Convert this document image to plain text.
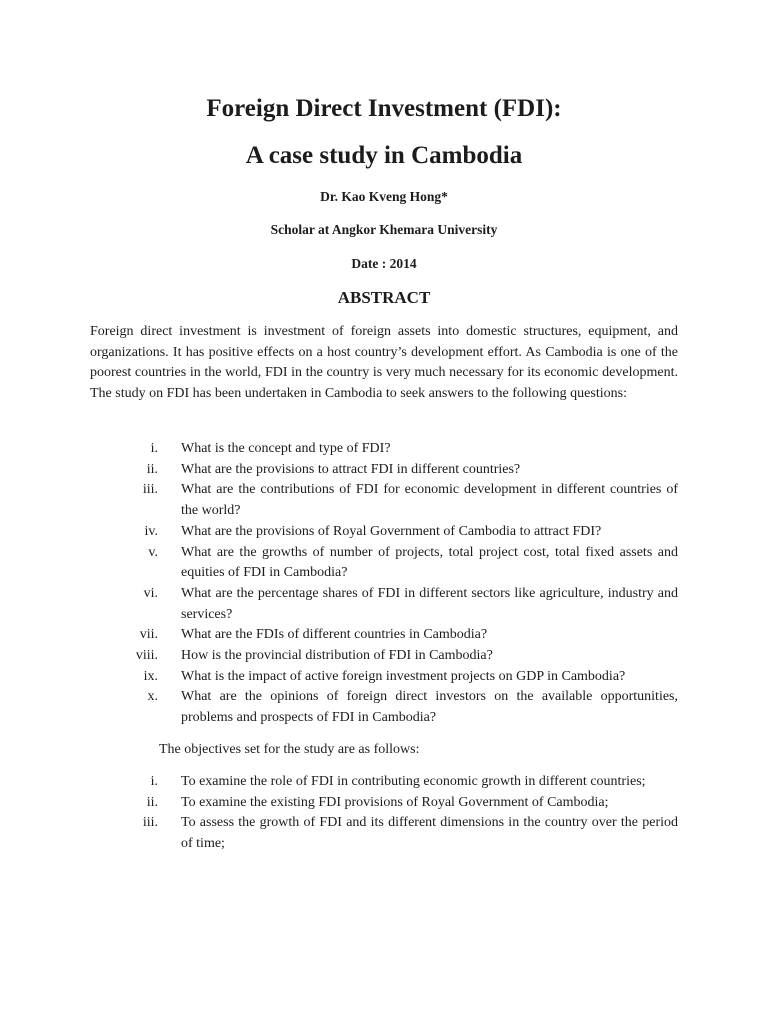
Foreign Direct Investment (FDI):
A case study in Cambodia
Dr. Kao Kveng Hong*
Scholar at Angkor Khemara University
Date : 2014
ABSTRACT

Foreign direct investment is investment of foreign assets into domestic structures, equipment, and organizations. It has positive effects on a host country’s development effort. As Cambodia is one of the poorest countries in the world, FDI in the country is very much necessary for its economic development. The study on FDI has been undertaken in Cambodia to seek answers to the following questions:

i. What is the concept and type of FDI?
ii. What are the provisions to attract FDI in different countries?
iii. What are the contributions of FDI for economic development in different countries of the world?
iv. What are the provisions of Royal Government of Cambodia to attract FDI?
v. What are the growths of number of projects, total project cost, total fixed assets and equities of FDI in Cambodia?
vi. What are the percentage shares of FDI in different sectors like agriculture, industry and services?
vii. What are the FDIs of different countries in Cambodia?
viii. How is the provincial distribution of FDI in Cambodia?
ix. What is the impact of active foreign investment projects on GDP in Cambodia?
x. What are the opinions of foreign direct investors on the available opportunities, problems and prospects of FDI in Cambodia?
The objectives set for the study are as follows:
i. To examine the role of FDI in contributing economic growth in different countries;
ii. To examine the existing FDI provisions of Royal Government of Cambodia;
iii. To assess the growth of FDI and its different dimensions in the country over the period of time;
